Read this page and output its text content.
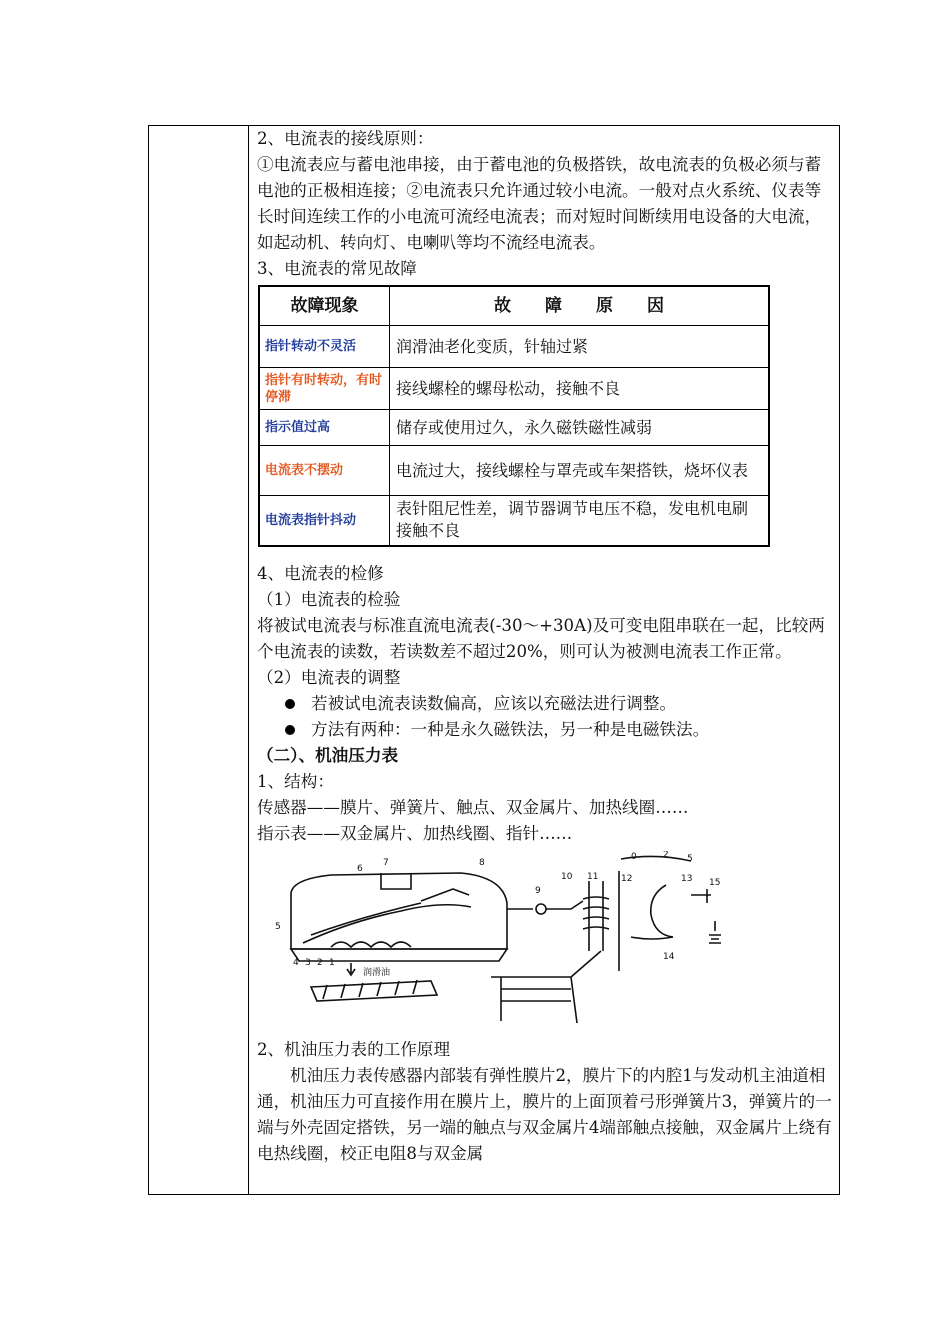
2、电流表的接线原则：

①电流表应与蓄电池串接，由于蓄电池的负极搭铁，故电流表的负极必须与蓄电池的正极相连接；②电流表只允许通过较小电流。一般对点火系统、仪表等长时间连续工作的小电流可流经电流表；而对短时间断续用电设备的大电流，如起动机、转向灯、电喇叭等均不流经电流表。

3、电流表的常见故障

故障现象	故　　障　　原　　因
指针转动不灵活	润滑油老化变质，针轴过紧
指针有时转动，有时停滞	接线螺栓的螺母松动，接触不良
指示值过高	储存或使用过久，永久磁铁磁性减弱
电流表不摆动	电流过大，接线螺栓与罩壳或车架搭铁，烧坏仪表
电流表指针抖动	表针阻尼性差，调节器调节电压不稳，发电机电刷接触不良

4、电流表的检修

（1）电流表的检验

将被试电流表与标准直流电流表(-30～+30A)及可变电阻串联在一起，比较两个电流表的读数，若读数差不超过20%，则可认为被测电流表工作正常。

（2）电流表的调整

若被试电流表读数偏高，应该以充磁法进行调整。

方法有两种：一种是永久磁铁法，另一种是电磁铁法。

（二）、机油压力表

1、结构：

传感器——膜片、弹簧片、触点、双金属片、加热线圈……

指示表——双金属片、加热线圈、指针……

1
2
3
4
5
6
7	8
9
10 11	12	13
14
15
0	2 5
润滑油

2、机油压力表的工作原理

机油压力表传感器内部装有弹性膜片2，膜片下的内腔1与发动机主油道相通，机油压力可直接作用在膜片上，膜片的上面顶着弓形弹簧片3，弹簧片的一端与外壳固定搭铁，另一端的触点与双金属片4端部触点接触，双金属片上绕有电热线圈，校正电阻8与双金属
